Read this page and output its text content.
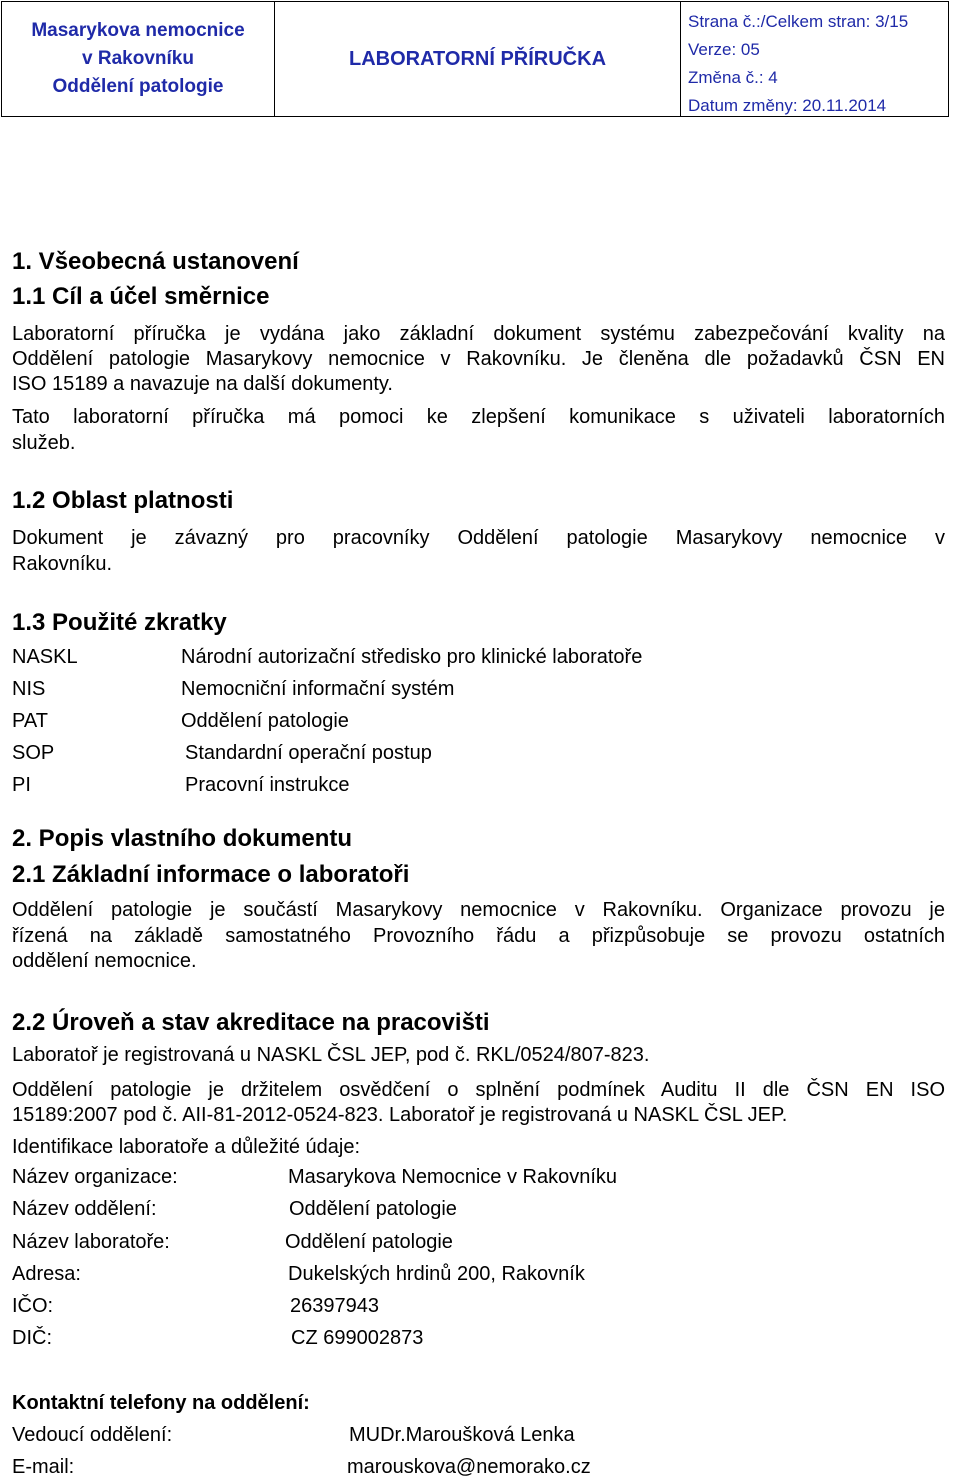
Masarykova nemocnice
v Rakovníku
Oddělení patologie
LABORATORNÍ PŘÍRUČKA
Strana č.:/Celkem stran: 3/15
Verze: 05
Změna č.: 4
Datum změny: 20.11.2014
1. Všeobecná ustanovení
1.1 Cíl a účel směrnice
Laboratorní příručka je vydána jako základní dokument systému zabezpečování kvality na
Oddělení patologie Masarykovy nemocnice v Rakovníku. Je členěna dle požadavků ČSN EN
ISO 15189 a navazuje na další dokumenty.
Tato laboratorní příručka má pomoci ke zlepšení komunikace s uživateli laboratorních
služeb.
1.2 Oblast platnosti
Dokument je závazný pro pracovníky Oddělení patologie Masarykovy nemocnice v
Rakovníku.
1.3 Použité zkratky
NASKL	Národní autorizační středisko pro klinické laboratoře
NIS	Nemocniční informační systém
PAT	Oddělení patologie
SOP	Standardní operační postup
PI	Pracovní instrukce
2. Popis vlastního dokumentu
2.1 Základní informace o laboratoři
Oddělení patologie je součástí Masarykovy nemocnice v Rakovníku. Organizace provozu je
řízená na základě samostatného Provozního řádu a přizpůsobuje se provozu ostatních
oddělení nemocnice.
2.2 Úroveň a stav akreditace na pracovišti
Laboratoř je registrovaná u NASKL ČSL JEP, pod č. RKL/0524/807-823.
Oddělení patologie je držitelem osvědčení o splnění podmínek Auditu II dle ČSN EN ISO
15189:2007 pod č. AII-81-2012-0524-823. Laboratoř je registrovaná u NASKL ČSL JEP.
Identifikace laboratoře a důležité údaje:
Název organizace:	Masarykova Nemocnice v Rakovníku
Název oddělení:	Oddělení patologie
Název laboratoře:	Oddělení patologie
Adresa:	Dukelských hrdinů 200, Rakovník
IČO:	26397943
DIČ:	CZ 699002873
Kontaktní telefony na oddělení:
Vedoucí oddělení:	MUDr.Maroušková Lenka
E-mail:	marouskova@nemorako.cz
